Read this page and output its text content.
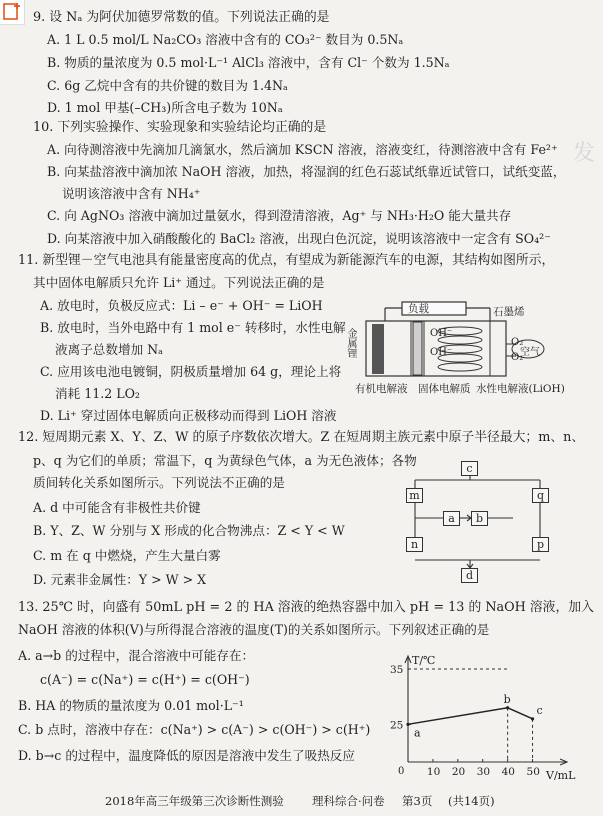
9. 设 Nₐ 为阿伏加德罗常数的值。下列说法正确的是
A. 1 L 0.5 mol/L Na₂CO₃ 溶液中含有的 CO₃²⁻ 数目为 0.5Nₐ
B. 物质的量浓度为 0.5 mol·L⁻¹ AlCl₃ 溶液中，含有 Cl⁻ 个数为 1.5Nₐ
C. 6g 乙烷中含有的共价键的数目为 1.4Nₐ
D. 1 mol 甲基(–CH₃)所含电子数为 10Nₐ
10. 下列实验操作、实验现象和实验结论均正确的是
A. 向待测溶液中先滴加几滴氯水，然后滴加 KSCN 溶液，溶液变红，待测溶液中含有 Fe²⁺ 发
B. 向某盐溶液中滴加浓 NaOH 溶液，加热，将湿润的红色石蕊试纸靠近试管口，试纸变蓝，
说明该溶液中含有 NH₄⁺
C. 向 AgNO₃ 溶液中滴加过量氨水，得到澄清溶液，Ag⁺ 与 NH₃·H₂O 能大量共存
D. 向某溶液中加入硝酸酸化的 BaCl₂ 溶液，出现白色沉淀，说明该溶液中一定含有 SO₄²⁻
11. 新型锂－空气电池具有能量密度高的优点，有望成为新能源汽车的电源，其结构如图所示，
其中固体电解质只允许 Li⁺ 通过。下列说法正确的是
A. 放电时，负极反应式：Li – e⁻ + OH⁻ = LiOH
B. 放电时，当外电路中有 1 mol e⁻ 转移时，水性电解
液离子总数增加 Nₐ
C. 应用该电池电镀铜，阴极质量增加 64 g，理论上将
消耗 11.2 LO₂
D. Li⁺ 穿过固体电解质向正极移动而得到 LiOH 溶液
负载	石墨烯
金属锂	OH⁻
OH⁻
O₂
O₂
空气
有机电解液 固体电解质 水性电解液(LiOH)
12. 短周期元素 X、Y、Z、W 的原子序数依次增大。Z 在短周期主族元素中原子半径最大；m、n、
p、q 为它们的单质；常温下，q 为黄绿色气体，a 为无色液体；各物
质间转化关系如图所示。下列说法不正确的是
A. d 中可能含有非极性共价键
B. Y、Z、W 分别与 X 形成的化合物沸点：Z < Y < W
C. m 在 q 中燃烧，产生大量白雾
D. 元素非金属性：Y > W > X
c
m	q
a	b
n	p
d
13. 25℃ 时，向盛有 50mL pH = 2 的 HA 溶液的绝热容器中加入 pH = 13 的 NaOH 溶液，加入
NaOH 溶液的体积(V)与所得混合溶液的温度(T)的关系如图所示。下列叙述正确的是
A. a→b 的过程中，混合溶液中可能存在：
c(A⁻) = c(Na⁺) = c(H⁺) = c(OH⁻)
B. HA 的物质的量浓度为 0.01 mol·L⁻¹
C. b 点时，溶液中存在：c(Na⁺) > c(A⁻) > c(OH⁻) > c(H⁺)
D. b→c 的过程中，温度降低的原因是溶液中发生了吸热反应
T/℃
V/mL
0
25
35
10 20 30 40 50
a
b
c
2018年高三年级第三次诊断性测验 理科综合·问卷 第3页 (共14页)
